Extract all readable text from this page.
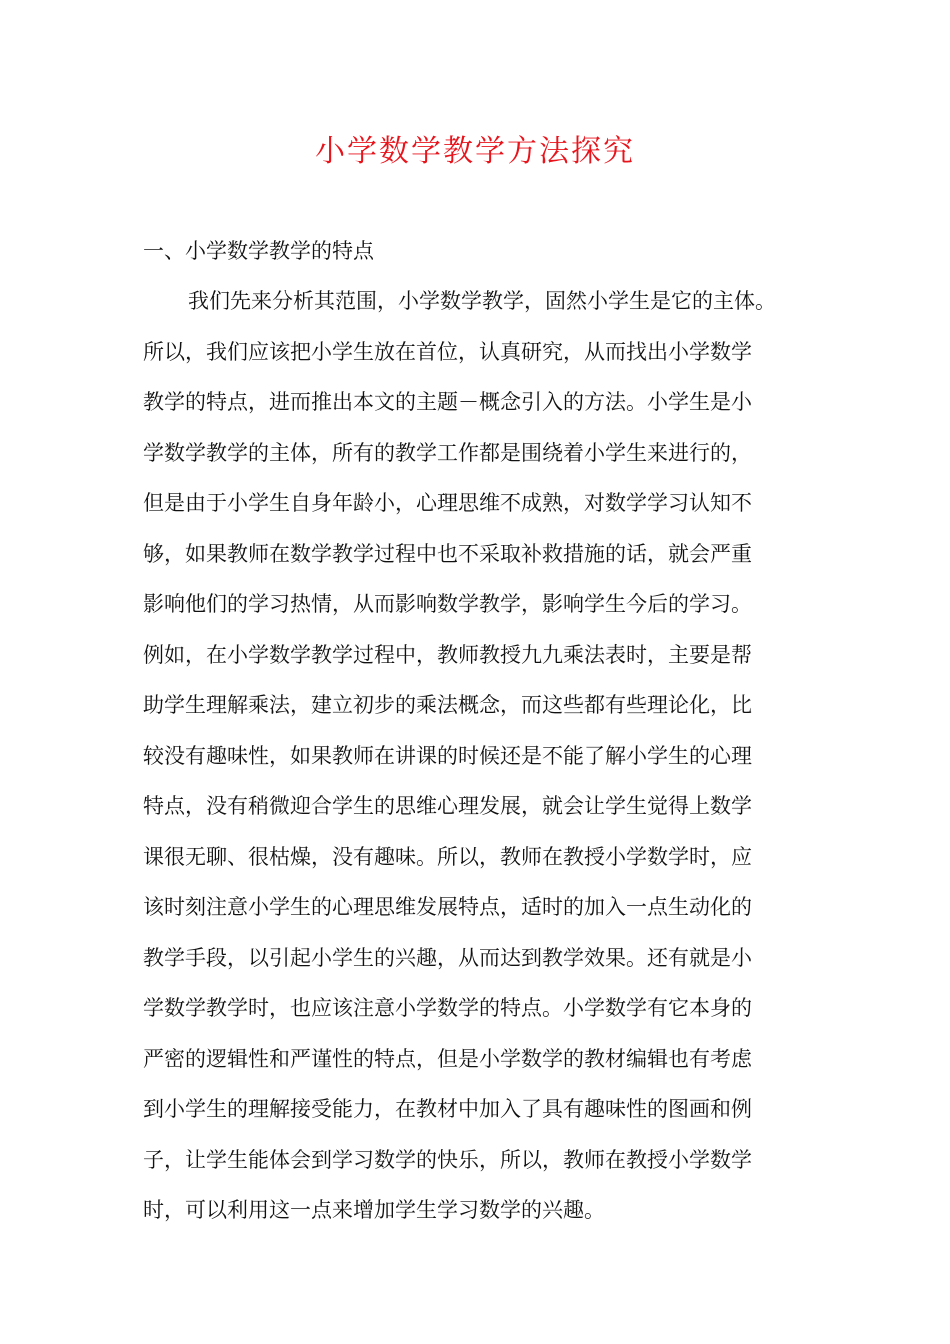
小学数学教学方法探究
一、小学数学教学的特点
我们先来分析其范围，小学数学教学，固然小学生是它的主体。
所以，我们应该把小学生放在首位，认真研究，从而找出小学数学
教学的特点，进而推出本文的主题－概念引入的方法。小学生是小
学数学教学的主体，所有的教学工作都是围绕着小学生来进行的，
但是由于小学生自身年龄小，心理思维不成熟，对数学学习认知不
够，如果教师在数学教学过程中也不采取补救措施的话，就会严重
影响他们的学习热情，从而影响数学教学，影响学生今后的学习。
例如，在小学数学教学过程中，教师教授九九乘法表时，主要是帮
助学生理解乘法，建立初步的乘法概念，而这些都有些理论化，比
较没有趣味性，如果教师在讲课的时候还是不能了解小学生的心理
特点，没有稍微迎合学生的思维心理发展，就会让学生觉得上数学
课很无聊、很枯燥，没有趣味。所以，教师在教授小学数学时，应
该时刻注意小学生的心理思维发展特点，适时的加入一点生动化的
教学手段，以引起小学生的兴趣，从而达到教学效果。还有就是小
学数学教学时，也应该注意小学数学的特点。小学数学有它本身的
严密的逻辑性和严谨性的特点，但是小学数学的教材编辑也有考虑
到小学生的理解接受能力，在教材中加入了具有趣味性的图画和例
子，让学生能体会到学习数学的快乐，所以，教师在教授小学数学
时，可以利用这一点来增加学生学习数学的兴趣。
